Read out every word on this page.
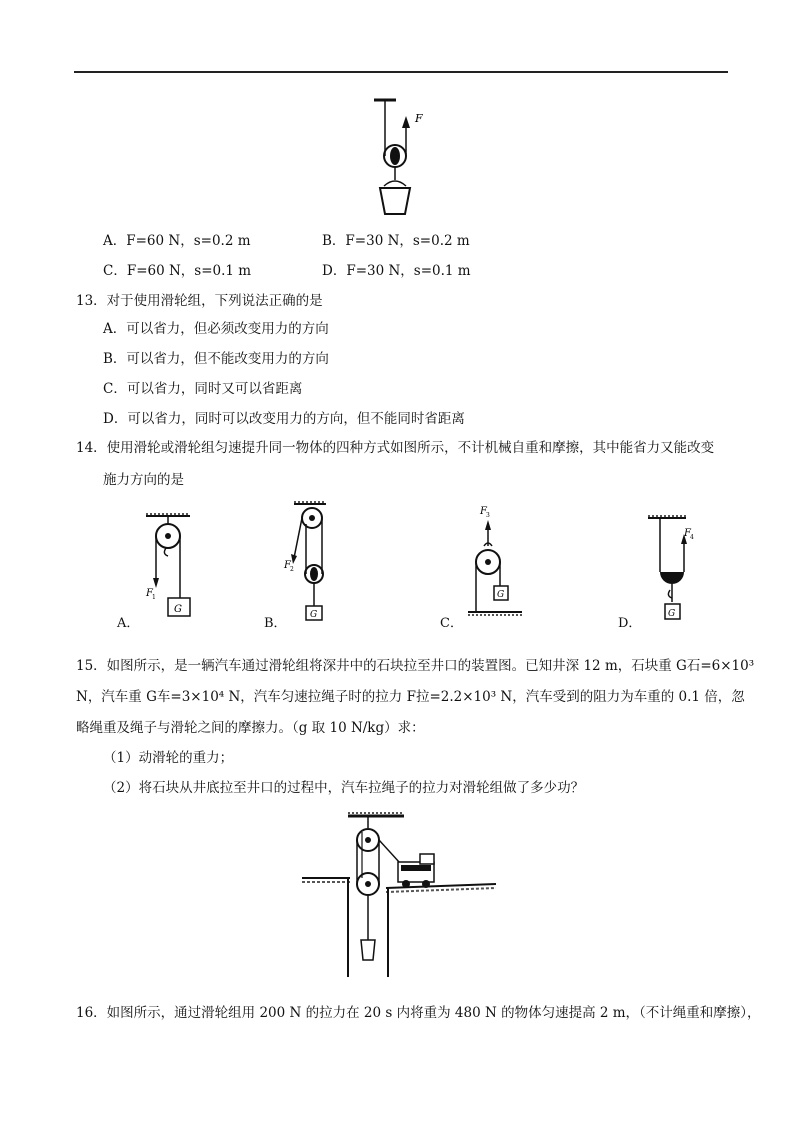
F
A．F=60 N，s=0.2 m	B．F=30 N，s=0.2 m
C．F=60 N，s=0.1 m	D．F=30 N，s=0.1 m
13．对于使用滑轮组，下列说法正确的是
A．可以省力，但必须改变用力的方向
B．可以省力，但不能改变用力的方向
C．可以省力，同时又可以省距离
D．可以省力，同时可以改变用力的方向，但不能同时省距离
14．使用滑轮或滑轮组匀速提升同一物体的四种方式如图所示，不计机械自重和摩擦，其中能省力又能改变
施力方向的是
F 1
G
F 2
G
F 3
G
F 4
G
A．	B．	C．	D．
15．如图所示，是一辆汽车通过滑轮组将深井中的石块拉至井口的装置图。已知井深 12 m，石块重 G石=6×10³
N，汽车重 G车=3×10⁴ N，汽车匀速拉绳子时的拉力 F拉=2.2×10³ N，汽车受到的阻力为车重的 0.1 倍，忽
略绳重及绳子与滑轮之间的摩擦力。（g 取 10 N/kg）求：
（1）动滑轮的重力；
（2）将石块从井底拉至井口的过程中，汽车拉绳子的拉力对滑轮组做了多少功？
16．如图所示，通过滑轮组用 200 N 的拉力在 20 s 内将重为 480 N 的物体匀速提高 2 m，（不计绳重和摩擦），
